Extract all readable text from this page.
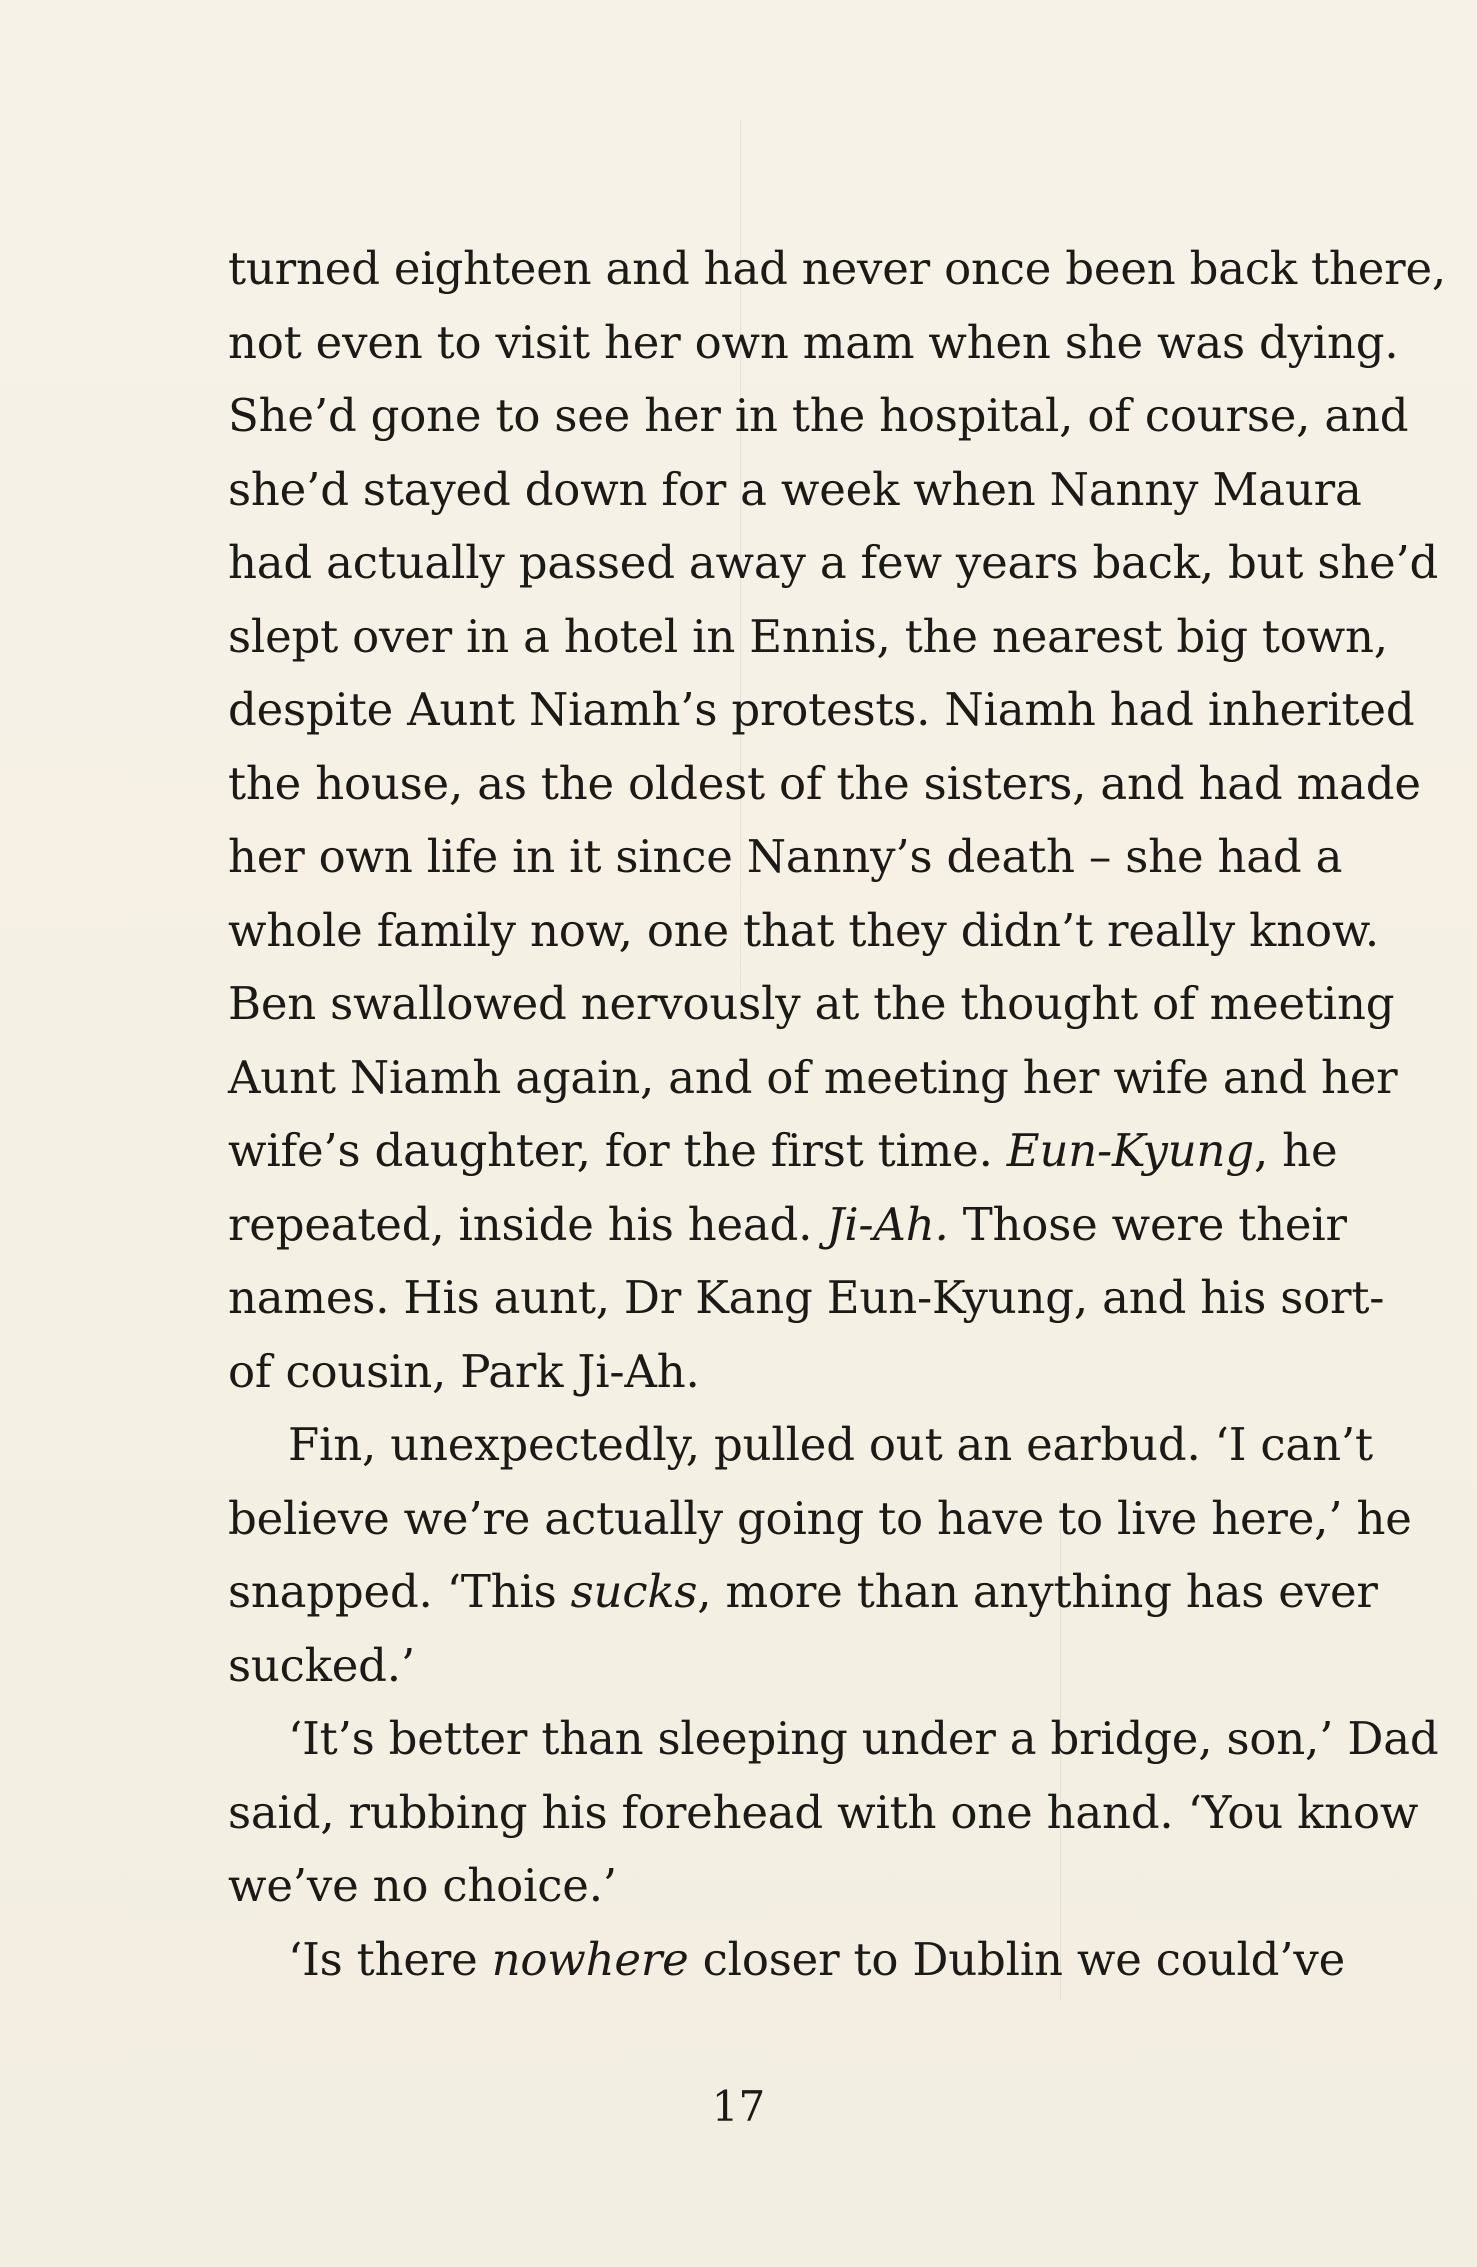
turned eighteen and had never once been back there,
not even to visit her own mam when she was dying.
She’d gone to see her in the hospital, of course, and
she’d stayed down for a week when Nanny Maura
had actually passed away a few years back, but she’d
slept over in a hotel in Ennis, the nearest big town,
despite Aunt Niamh’s protests. Niamh had inherited
the house, as the oldest of the sisters, and had made
her own life in it since Nanny’s death – she had a
whole family now, one that they didn’t really know.
Ben swallowed nervously at the thought of meeting
Aunt Niamh again, and of meeting her wife and her
wife’s daughter, for the first time. Eun-Kyung, he
repeated, inside his head. Ji-Ah. Those were their
names. His aunt, Dr Kang Eun-Kyung, and his sort-
of cousin, Park Ji-Ah.
Fin, unexpectedly, pulled out an earbud. ‘I can’t
believe we’re actually going to have to live here,’ he
snapped. ‘This sucks, more than anything has ever
sucked.’
‘It’s better than sleeping under a bridge, son,’ Dad
said, rubbing his forehead with one hand. ‘You know
we’ve no choice.’
‘Is there nowhere closer to Dublin we could’ve
17
